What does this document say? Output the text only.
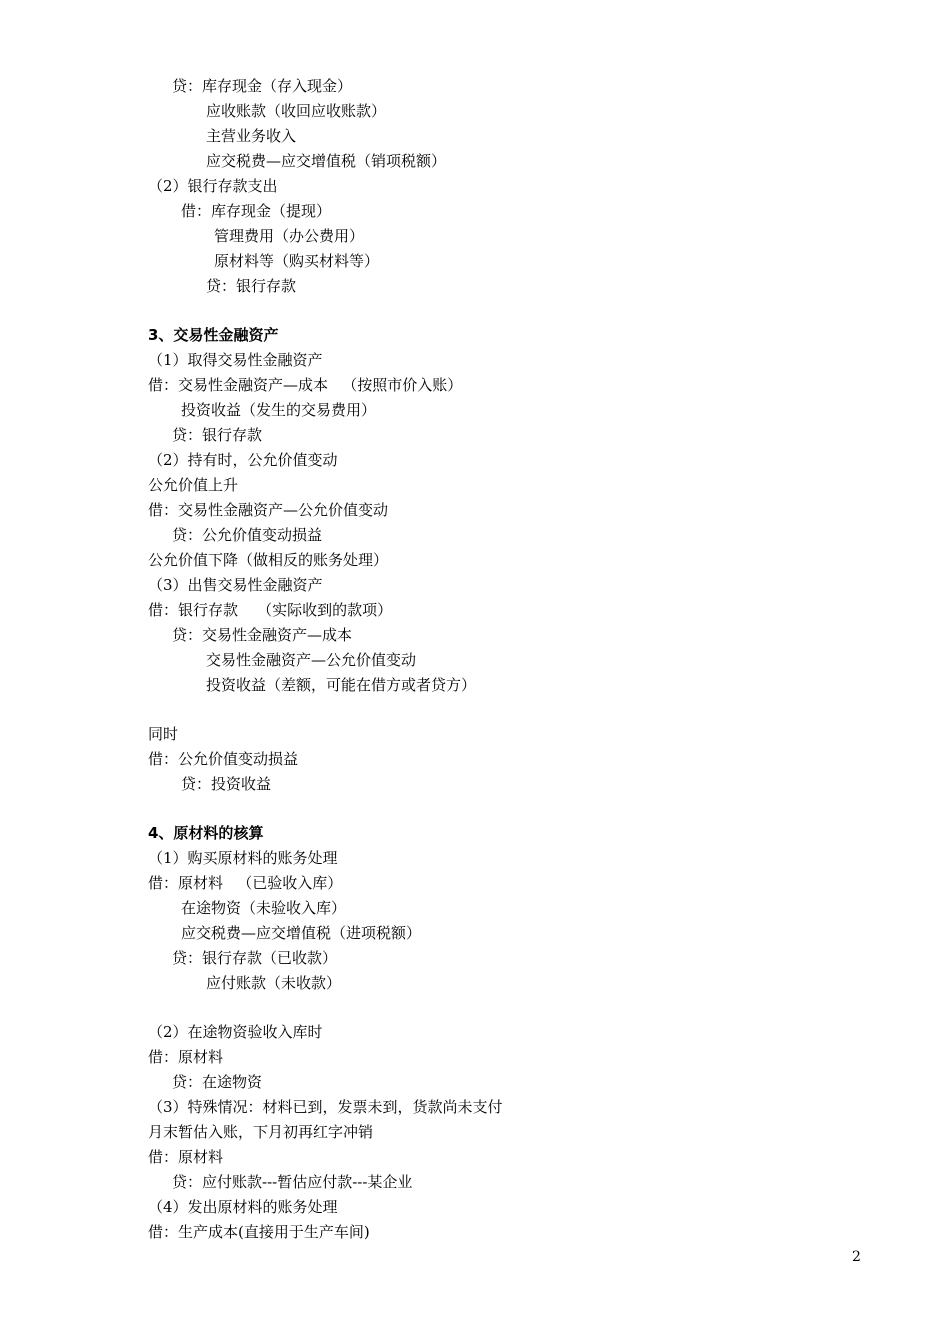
贷：库存现金（存入现金）
应收账款（收回应收账款）
主营业务收入
应交税费—应交增值税（销项税额）
（2）银行存款支出
借：库存现金（提现）
管理费用（办公费用）
原材料等（购买材料等）
贷：银行存款
3、交易性金融资产
（1）取得交易性金融资产
借：交易性金融资产—成本   （按照市价入账）
投资收益（发生的交易费用）
贷：银行存款
（2）持有时，公允价值变动
公允价值上升
借：交易性金融资产—公允价值变动
贷：公允价值变动损益
公允价值下降（做相反的账务处理）
（3）出售交易性金融资产
借：银行存款    （实际收到的款项）
贷：交易性金融资产—成本
交易性金融资产—公允价值变动
投资收益（差额，可能在借方或者贷方）
同时
借：公允价值变动损益
贷：投资收益
4、原材料的核算
（1）购买原材料的账务处理
借：原材料   （已验收入库）
在途物资（未验收入库）
应交税费—应交增值税（进项税额）
贷：银行存款（已收款）
应付账款（未收款）
（2）在途物资验收入库时
借：原材料
贷：在途物资
（3）特殊情况：材料已到，发票未到，货款尚未支付
月末暂估入账，下月初再红字冲销
借：原材料
贷：应付账款---暂估应付款---某企业
（4）发出原材料的账务处理
借：生产成本(直接用于生产车间)
2
